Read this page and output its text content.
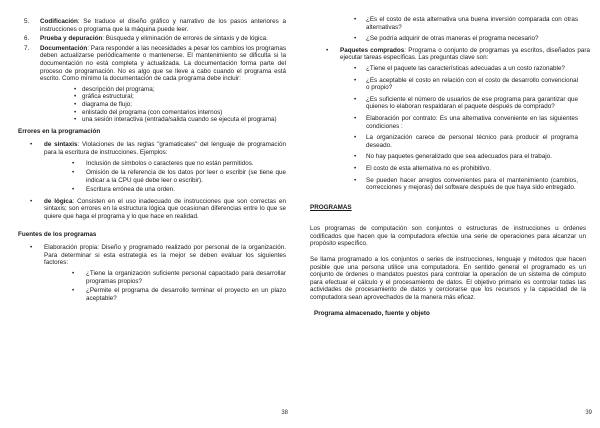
5. Codificación: Se traduce el diseño gráfico y narrativo de los pasos anteriores a instrucciones o programa que la máquina puede leer.
6. Prueba y depuración: Búsqueda y eliminación de errores de sintaxis y de lógica.
7. Documentación: Para responder a las necesidades a pesar los cambios los programas deben actualizarse periódicamente o mantenerse. El mantenimiento se dificulta si la documentación no está completa y actualizada. La documentación forma parte del proceso de programación. No es algo que se lleve a cabo cuando el programa está escrito. Como mínimo la documentación de cada programa debe incluir:
• descripción del programa;
• gráfica estructural;
• diagrama de flujo;
• enlistado del programa (con comentarios internos)
• una sesión interactiva (entrada/salida cuando se ejecuta el programa)
Errores en la programación
• de sintaxis: Violaciones de las reglas "gramaticales" del lenguaje de programación para la escritura de instrucciones. Ejemplos:
• Inclusión de símbolos o caracteres que no están permitidos.
• Omisión de la referencia de los datos por leer o escribir (se tiene que indicar a la CPU qué debe leer o escribir).
• Escritura errónea de una orden.
• de lógica: Consisten en el uso inadecuado de instrucciones que son correctas en sintaxis; son errores en la estructura lógica que ocasionan diferencias entre lo que se quiere que haga el programa y lo que hace en realidad.
Fuentes de los programas
• Elaboración propia: Diseño y programado realizado por personal de la organización. Para determinar si esta estrategia es la mejor se deben evaluar los siguientes factores:
• ¿Tiene la organización suficiente personal capacitado para desarrollar programas propios?
• ¿Permite el programa de desarrollo terminar el proyecto en un plazo aceptable?
38
• ¿Es el costo de esta alternativa una buena inversión comparada con otras alternativas?
• ¿Se podría adquirir de otras maneras el programa necesario?
• Paquetes comprados: Programa o conjunto de programas ya escritos, diseñados para ejecutar tareas específicas. Las preguntas clave son:
• ¿Tiene el paquete las características adecuadas a un costo razonable?
• ¿Es aceptable el costo en relación con el costo de desarrollo convencional o propio?
• ¿Es suficiente el número de usuarios de ese programa para garantizar que quienes lo elaboran respaldaran el paquete después de comprado?
• Elaboración por contrato: Es una alternativa conveniente en las siguientes condiciones :
• La organización carece de personal técnico para producir el programa deseado.
• No hay paquetes generalizado que sea adecuados para el trabajo.
• El costo de esta alternativa no es prohibitivo.
• Se pueden hacer arreglos convenientes para el mantenimiento (cambios, correcciones y mejoras) del software después de que haya sido entregado.
PROGRAMAS
Los programas de computación son conjuntos o estructuras de instrucciones u órdenes codificados que hacen que la computadora efectúe una serie de operaciones para alcanzar un propósito específico.
Se llama programado a los conjuntos o series de instrucciones, lenguaje y métodos que hacen posible que una persona utilice una computadora. En sentido general el programado es un conjunto de órdenes o mandatos puestos para controlar la operación de un sistema de cómputo para efectuar el cálculo y el procesamiento de datos. El objetivo primario es controlar todas las actividades de procesamiento de datos y cerciorarse que los recursos y la capacidad de la computadora sean aprovechados de la manera más eficaz.
Programa almacenado, fuente y objeto
39
